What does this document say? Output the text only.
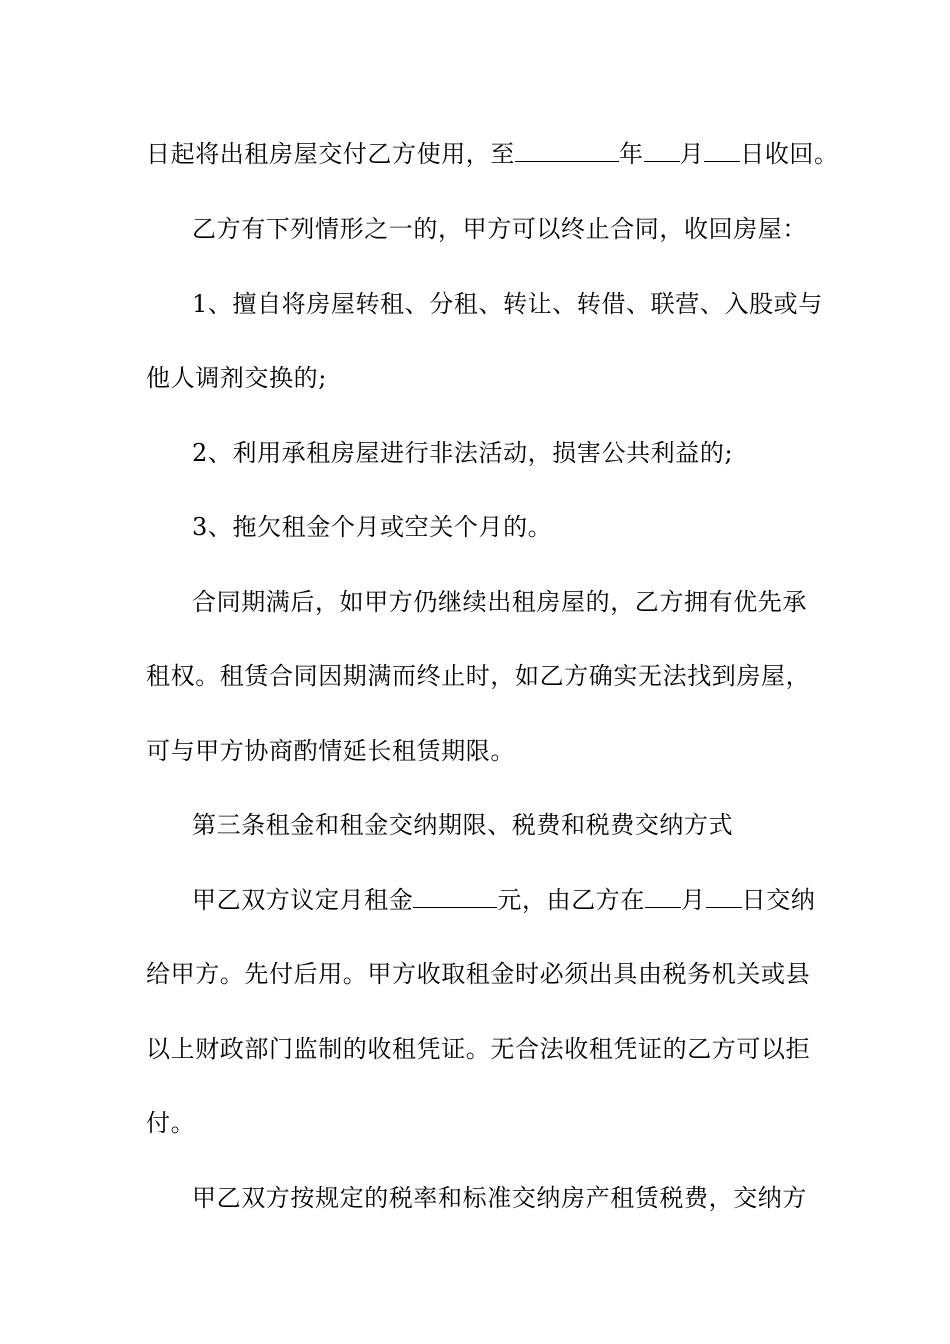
日起将出租房屋交付乙方使用，至	年 月 日收回。
乙方有下列情形之一的，甲方可以终止合同，收回房屋：
1、擅自将房屋转租、分租、转让、转借、联营、入股或与
他人调剂交换的;
2、利用承租房屋进行非法活动，损害公共利益的;
3、拖欠租金个月或空关个月的。
合同期满后，如甲方仍继续出租房屋的，乙方拥有优先承
租权。租赁合同因期满而终止时，如乙方确实无法找到房屋，
可与甲方协商酌情延长租赁期限。
第三条租金和租金交纳期限、税费和税费交纳方式
甲乙双方议定月租金	元，由乙方在 月 日交纳
给甲方。先付后用。甲方收取租金时必须出具由税务机关或县
以上财政部门监制的收租凭证。无合法收租凭证的乙方可以拒
付。
甲乙双方按规定的税率和标准交纳房产租赁税费，交纳方
